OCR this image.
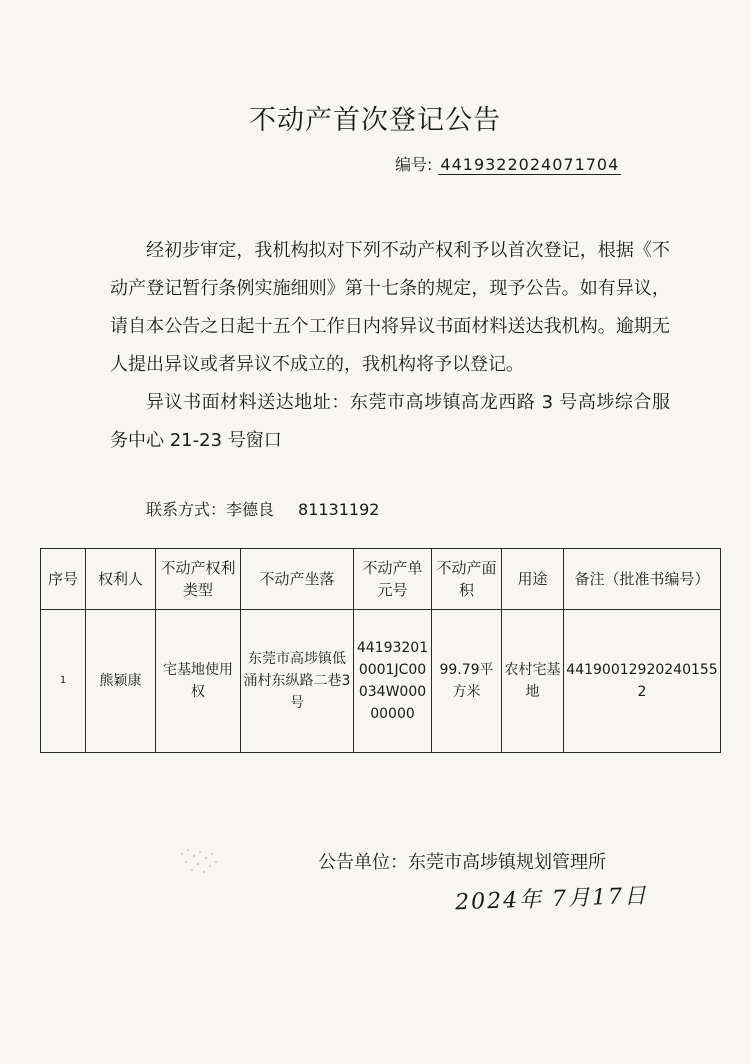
不动产首次登记公告
编号: 4419322024071704

经初步审定，我机构拟对下列不动产权利予以首次登记，根据《不动产登记暂行条例实施细则》第十七条的规定，现予公告。如有异议，请自本公告之日起十五个工作日内将异议书面材料送达我机构。逾期无人提出异议或者异议不成立的，我机构将予以登记。

异议书面材料送达地址：东莞市高埗镇高龙西路 3 号高埗综合服务中心 21-23 号窗口

联系方式：李德良 81131192
序号	权利人	不动产权利类型	不动产坐落	不动产单元号	不动产面积	用途	备注（批准书编号）
1	熊颖康	宅基地使用权	东莞市高埗镇低涌村东纵路二巷3号	441932010001JC00034W00000000	99.79平方米	农村宅基地	441900129202401552
公告单位：东莞市高埗镇规划管理所
2024年 7月17日
